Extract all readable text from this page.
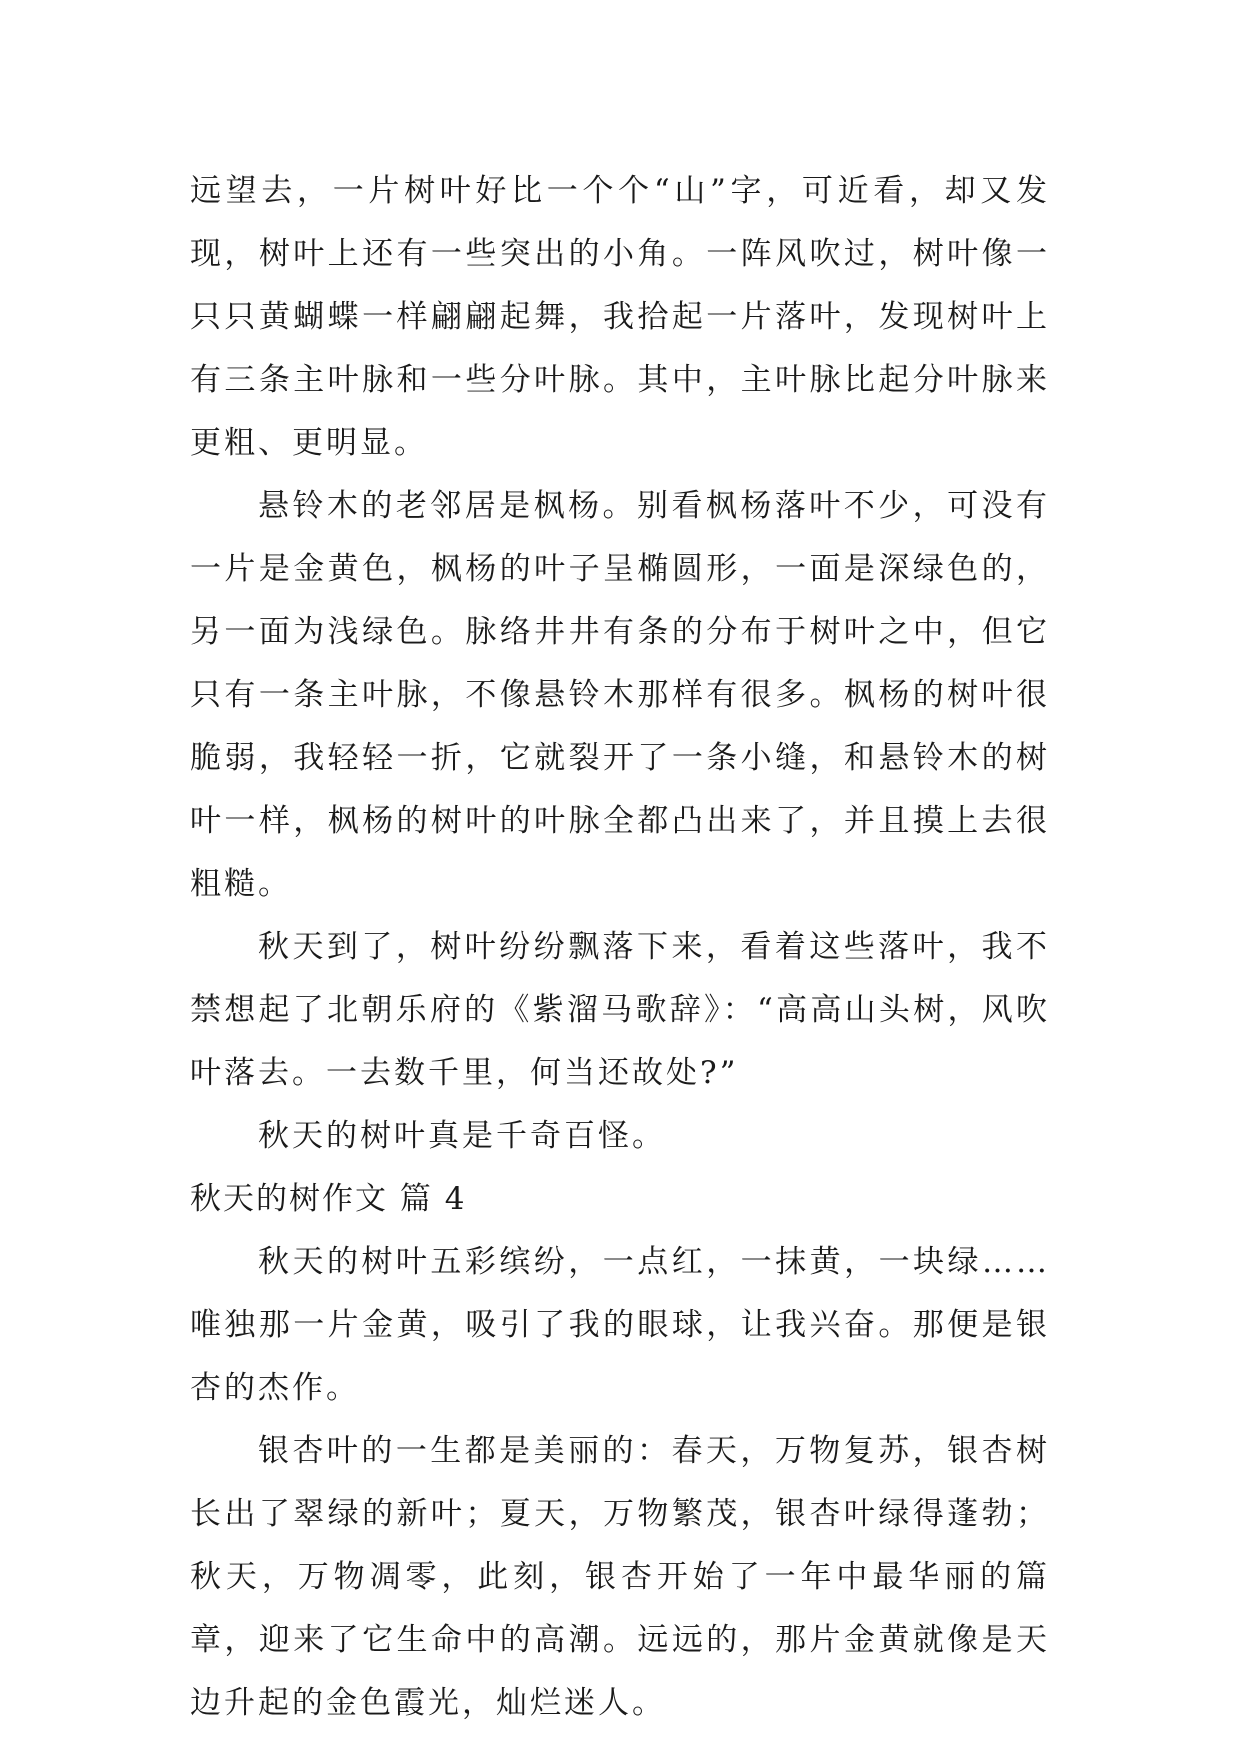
远望去，一片树叶好比一个个“山”字，可近看，却又发现，树叶上还有一些突出的小角。一阵风吹过，树叶像一只只黄蝴蝶一样翩翩起舞，我拾起一片落叶，发现树叶上有三条主叶脉和一些分叶脉。其中，主叶脉比起分叶脉来更粗、更明显。

悬铃木的老邻居是枫杨。别看枫杨落叶不少，可没有一片是金黄色，枫杨的叶子呈椭圆形，一面是深绿色的，另一面为浅绿色。脉络井井有条的分布于树叶之中，但它只有一条主叶脉，不像悬铃木那样有很多。枫杨的树叶很脆弱，我轻轻一折，它就裂开了一条小缝，和悬铃木的树叶一样，枫杨的树叶的叶脉全都凸出来了，并且摸上去很粗糙。

秋天到了，树叶纷纷飘落下来，看着这些落叶，我不禁想起了北朝乐府的《紫溜马歌辞》：“高高山头树，风吹叶落去。一去数千里，何当还故处?”

秋天的树叶真是千奇百怪。

秋天的树作文 篇 4

秋天的树叶五彩缤纷，一点红，一抹黄，一块绿……唯独那一片金黄，吸引了我的眼球，让我兴奋。那便是银杏的杰作。

银杏叶的一生都是美丽的：春天，万物复苏，银杏树长出了翠绿的新叶；夏天，万物繁茂，银杏叶绿得蓬勃；秋天，万物凋零，此刻，银杏开始了一年中最华丽的篇章，迎来了它生命中的高潮。远远的，那片金黄就像是天边升起的金色霞光，灿烂迷人。
